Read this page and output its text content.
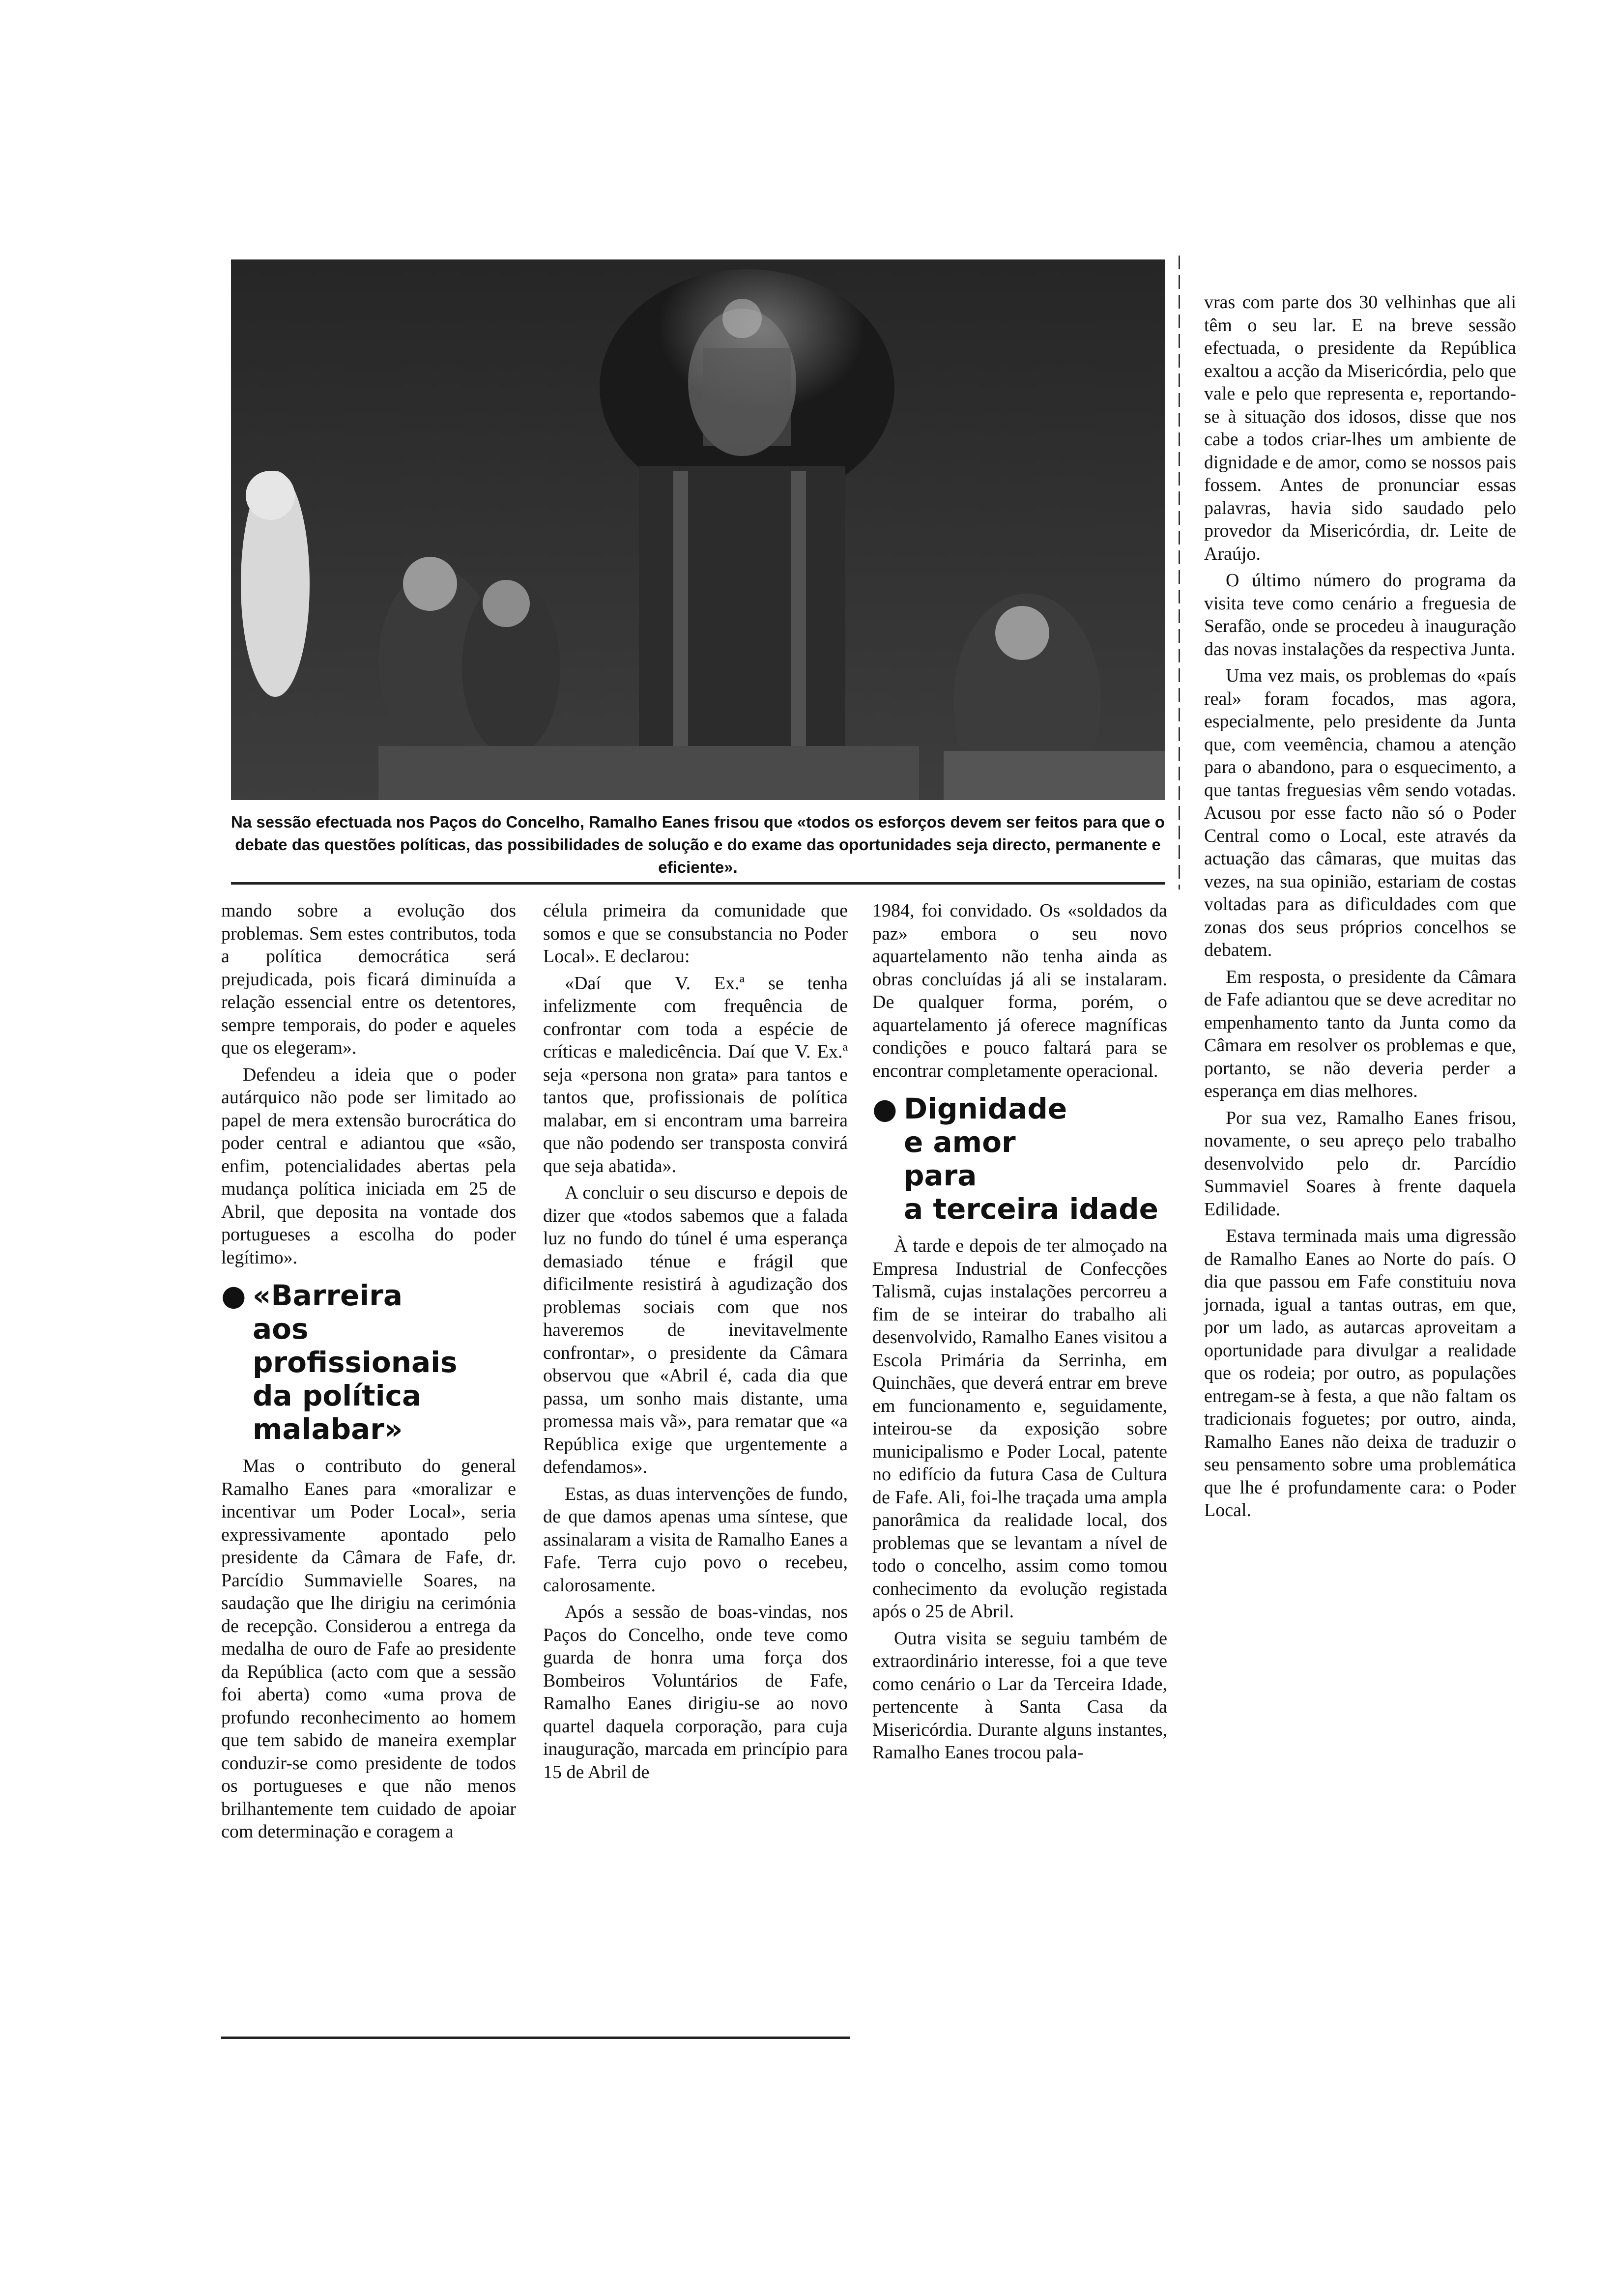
Na sessão efectuada nos Paços do Concelho, Ramalho Eanes frisou que «todos os esforços devem ser feitos para que o debate das questões políticas, das possibilidades de solução e do exame das oportunidades seja directo, permanente e eficiente».

mando sobre a evolução dos problemas. Sem estes contributos, toda a política democrática será prejudicada, pois ficará diminuída a relação essencial entre os detentores, sempre temporais, do poder e aqueles que os elegeram».

Defendeu a ideia que o poder autárquico não pode ser limitado ao papel de mera extensão burocrática do poder central e adiantou que «são, enfim, potencialidades abertas pela mudança política iniciada em 25 de Abril, que deposita na vontade dos portugueses a escolha do poder legítimo».

● «Barreira
aos profissionais
da política
malabar»

Mas o contributo do general Ramalho Eanes para «moralizar e incentivar um Poder Local», seria expressivamente apontado pelo presidente da Câmara de Fafe, dr. Parcídio Summavielle Soares, na saudação que lhe dirigiu na cerimónia de recepção. Considerou a entrega da medalha de ouro de Fafe ao presidente da República (acto com que a sessão foi aberta) como «uma prova de profundo reconhecimento ao homem que tem sabido de maneira exemplar conduzir-se como presidente de todos os portugueses e que não menos brilhantemente tem cuidado de apoiar com determinação e coragem a

célula primeira da comunidade que somos e que se consubstancia no Poder Local». E declarou:

«Daí que V. Ex.ª se tenha infelizmente com frequência de confrontar com toda a espécie de críticas e maledicência. Daí que V. Ex.ª seja «persona non grata» para tantos e tantos que, profissionais de política malabar, em si encontram uma barreira que não podendo ser transposta convirá que seja abatida».

A concluir o seu discurso e depois de dizer que «todos sabemos que a falada luz no fundo do túnel é uma esperança demasiado ténue e frágil que dificilmente resistirá à agudização dos problemas sociais com que nos haveremos de inevitavelmente confrontar», o presidente da Câmara observou que «Abril é, cada dia que passa, um sonho mais distante, uma promessa mais vã», para rematar que «a República exige que urgentemente a defendamos».

Estas, as duas intervenções de fundo, de que damos apenas uma síntese, que assinalaram a visita de Ramalho Eanes a Fafe. Terra cujo povo o recebeu, calorosamente.

Após a sessão de boas-vindas, nos Paços do Concelho, onde teve como guarda de honra uma força dos Bombeiros Voluntários de Fafe, Ramalho Eanes dirigiu-se ao novo quartel daquela corporação, para cuja inauguração, marcada em princípio para 15 de Abril de

1984, foi convidado. Os «soldados da paz» embora o seu novo aquartelamento não tenha ainda as obras concluídas já ali se instalaram. De qualquer forma, porém, o aquartelamento já oferece magníficas condições e pouco faltará para se encontrar completamente operacional.

● Dignidade
e amor
para
a terceira idade

À tarde e depois de ter almoçado na Empresa Industrial de Confecções Talismã, cujas instalações percorreu a fim de se inteirar do trabalho ali desenvolvido, Ramalho Eanes visitou a Escola Primária da Serrinha, em Quinchães, que deverá entrar em breve em funcionamento e, seguidamente, inteirou-se da exposição sobre municipalismo e Poder Local, patente no edifício da futura Casa de Cultura de Fafe. Ali, foi-lhe traçada uma ampla panorâmica da realidade local, dos problemas que se levantam a nível de todo o concelho, assim como tomou conhecimento da evolução registada após o 25 de Abril.

Outra visita se seguiu também de extraordinário interesse, foi a que teve como cenário o Lar da Terceira Idade, pertencente à Santa Casa da Misericórdia. Durante alguns instantes, Ramalho Eanes trocou pala-

vras com parte dos 30 velhinhas que ali têm o seu lar. E na breve sessão efectuada, o presidente da República exaltou a acção da Misericórdia, pelo que vale e pelo que representa e, reportando-se à situação dos idosos, disse que nos cabe a todos criar-lhes um ambiente de dignidade e de amor, como se nossos pais fossem. Antes de pronunciar essas palavras, havia sido saudado pelo provedor da Misericórdia, dr. Leite de Araújo.

O último número do programa da visita teve como cenário a freguesia de Serafão, onde se procedeu à inauguração das novas instalações da respectiva Junta.

Uma vez mais, os problemas do «país real» foram focados, mas agora, especialmente, pelo presidente da Junta que, com veemência, chamou a atenção para o abandono, para o esquecimento, a que tantas freguesias vêm sendo votadas. Acusou por esse facto não só o Poder Central como o Local, este através da actuação das câmaras, que muitas das vezes, na sua opinião, estariam de costas voltadas para as dificuldades com que zonas dos seus próprios concelhos se debatem.

Em resposta, o presidente da Câmara de Fafe adiantou que se deve acreditar no empenhamento tanto da Junta como da Câmara em resolver os problemas e que, portanto, se não deveria perder a esperança em dias melhores.

Por sua vez, Ramalho Eanes frisou, novamente, o seu apreço pelo trabalho desenvolvido pelo dr. Parcídio Summaviel Soares à frente daquela Edilidade.

Estava terminada mais uma digressão de Ramalho Eanes ao Norte do país. O dia que passou em Fafe constituiu nova jornada, igual a tantas outras, em que, por um lado, as autarcas aproveitam a oportunidade para divulgar a realidade que os rodeia; por outro, as populações entregam-se à festa, a que não faltam os tradicionais foguetes; por outro, ainda, Ramalho Eanes não deixa de traduzir o seu pensamento sobre uma problemática que lhe é profundamente cara: o Poder Local.
